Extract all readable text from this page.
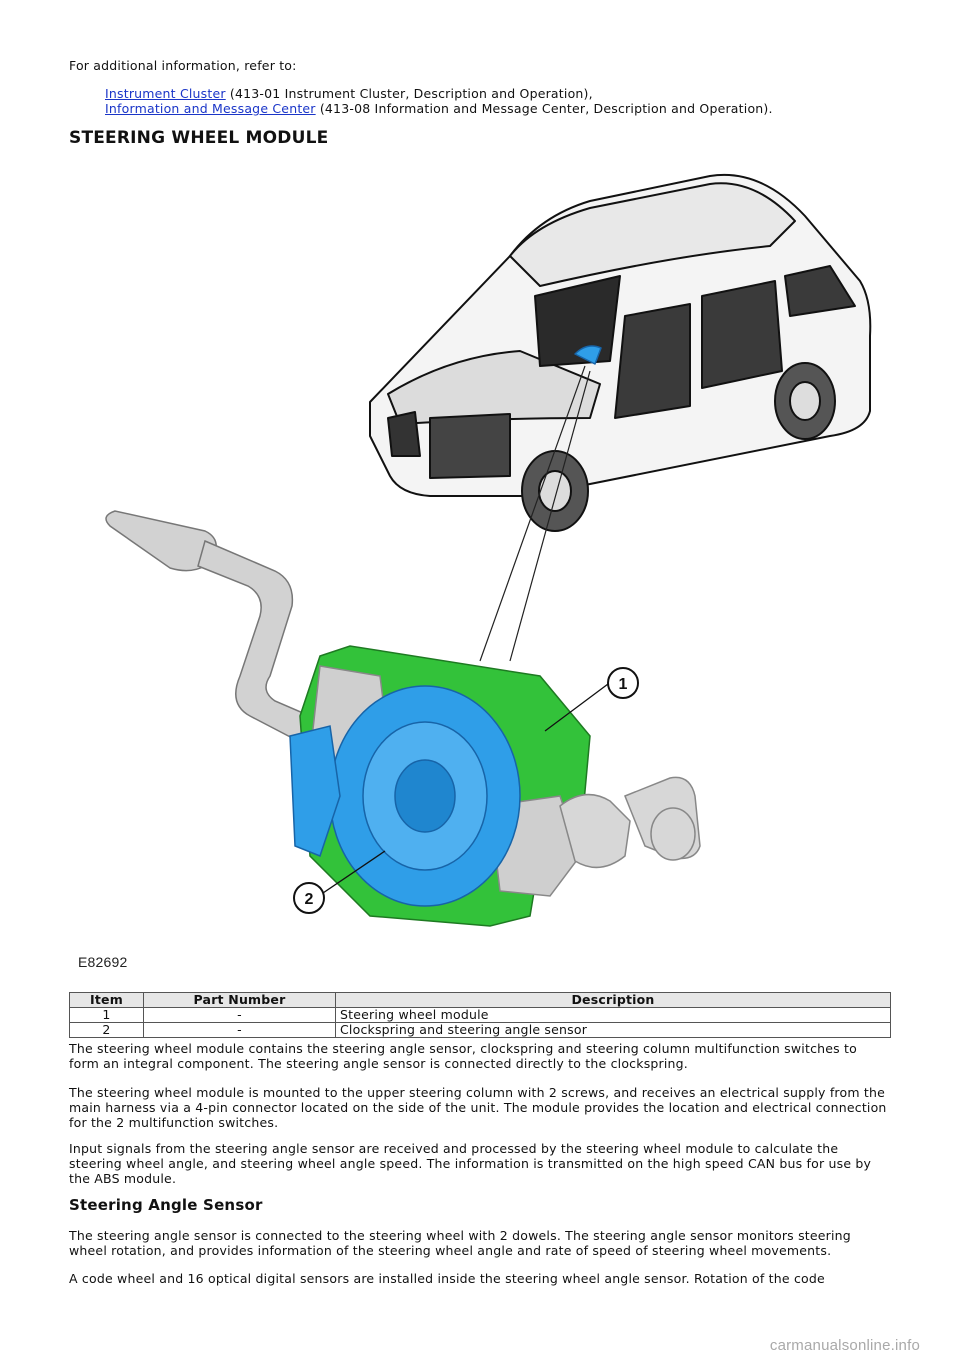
For additional information, refer to:
Instrument Cluster (413-01 Instrument Cluster, Description and Operation),
Information and Message Center (413-08 Information and Message Center, Description and Operation).
STEERING WHEEL MODULE
1
2
E82692
Item	Part Number	Description
1	-	Steering wheel module
2	-	Clockspring and steering angle sensor

The steering wheel module contains the steering angle sensor, clockspring and steering column multifunction switches to form an integral component. The steering angle sensor is connected directly to the clockspring.

The steering wheel module is mounted to the upper steering column with 2 screws, and receives an electrical supply from the main harness via a 4-pin connector located on the side of the unit. The module provides the location and electrical connection for the 2 multifunction switches.

Input signals from the steering angle sensor are received and processed by the steering wheel module to calculate the steering wheel angle, and steering wheel angle speed. The information is transmitted on the high speed CAN bus for use by the ABS module.

Steering Angle Sensor

The steering angle sensor is connected to the steering wheel with 2 dowels. The steering angle sensor monitors steering wheel rotation, and provides information of the steering wheel angle and rate of speed of steering wheel movements.

A code wheel and 16 optical digital sensors are installed inside the steering wheel angle sensor. Rotation of the code

carmanualsonline.info
